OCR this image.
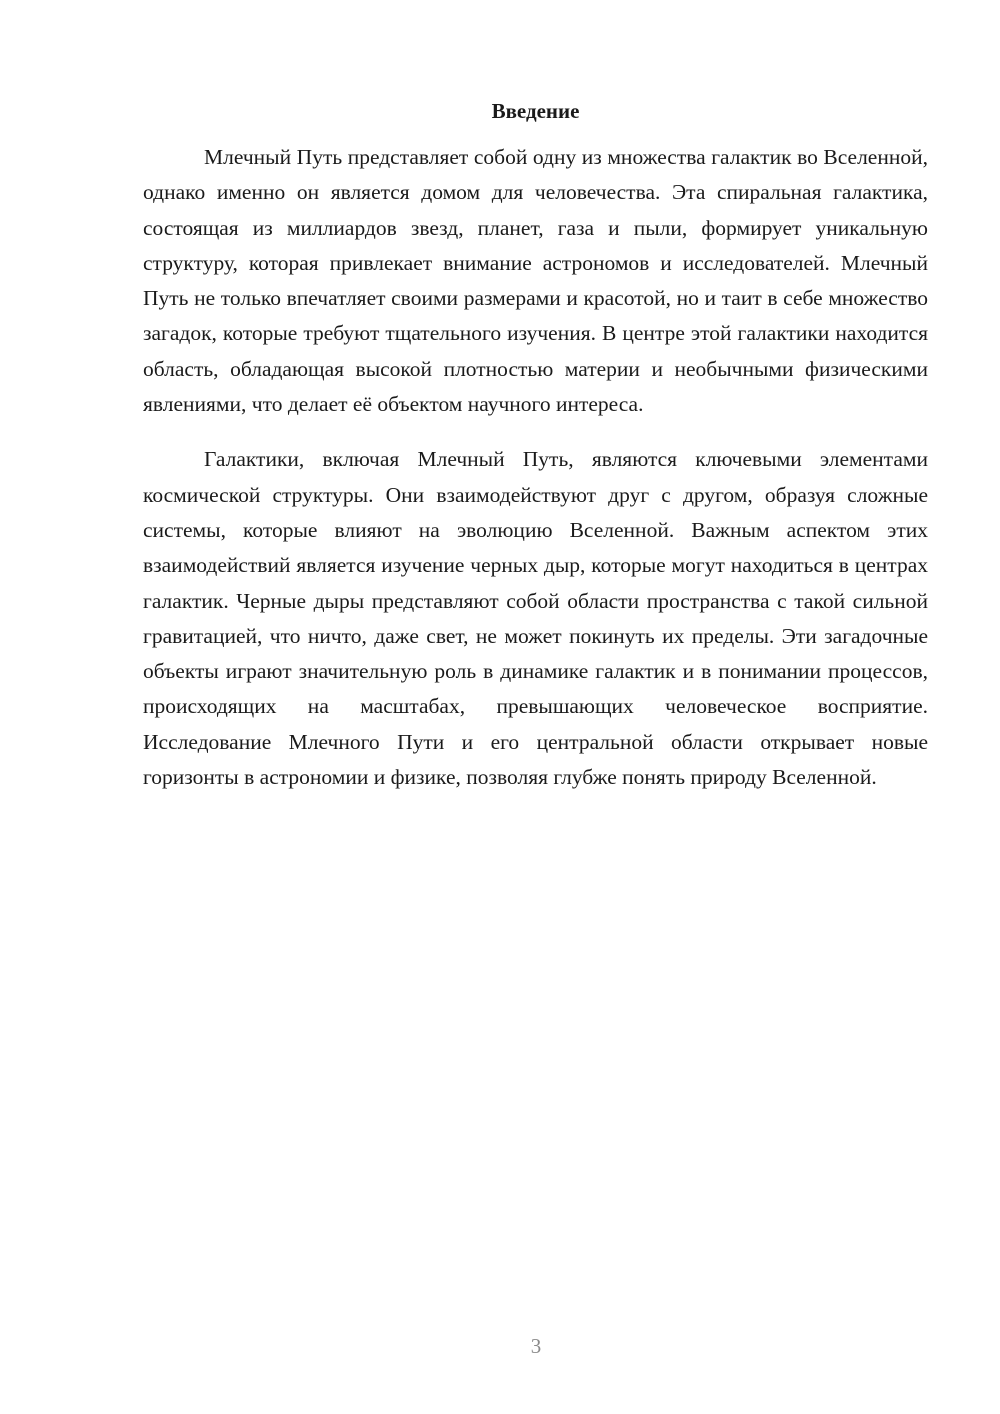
Введение

Млечный Путь представляет собой одну из множества галактик во Вселенной, однако именно он является домом для человечества. Эта спиральная галактика, состоящая из миллиардов звезд, планет, газа и пыли, формирует уникальную структуру, которая привлекает внимание астрономов и исследователей. Млечный Путь не только впечатляет своими размерами и красотой, но и таит в себе множество загадок, которые требуют тщательного изучения. В центре этой галактики находится область, обладающая высокой плотностью материи и необычными физическими явлениями, что делает её объектом научного интереса.

Галактики, включая Млечный Путь, являются ключевыми элементами космической структуры. Они взаимодействуют друг с другом, образуя сложные системы, которые влияют на эволюцию Вселенной. Важным аспектом этих взаимодействий является изучение черных дыр, которые могут находиться в центрах галактик. Черные дыры представляют собой области пространства с такой сильной гравитацией, что ничто, даже свет, не может покинуть их пределы. Эти загадочные объекты играют значительную роль в динамике галактик и в понимании процессов, происходящих на масштабах, превышающих человеческое восприятие. Исследование Млечного Пути и его центральной области открывает новые горизонты в астрономии и физике, позволяя глубже понять природу Вселенной.

3
